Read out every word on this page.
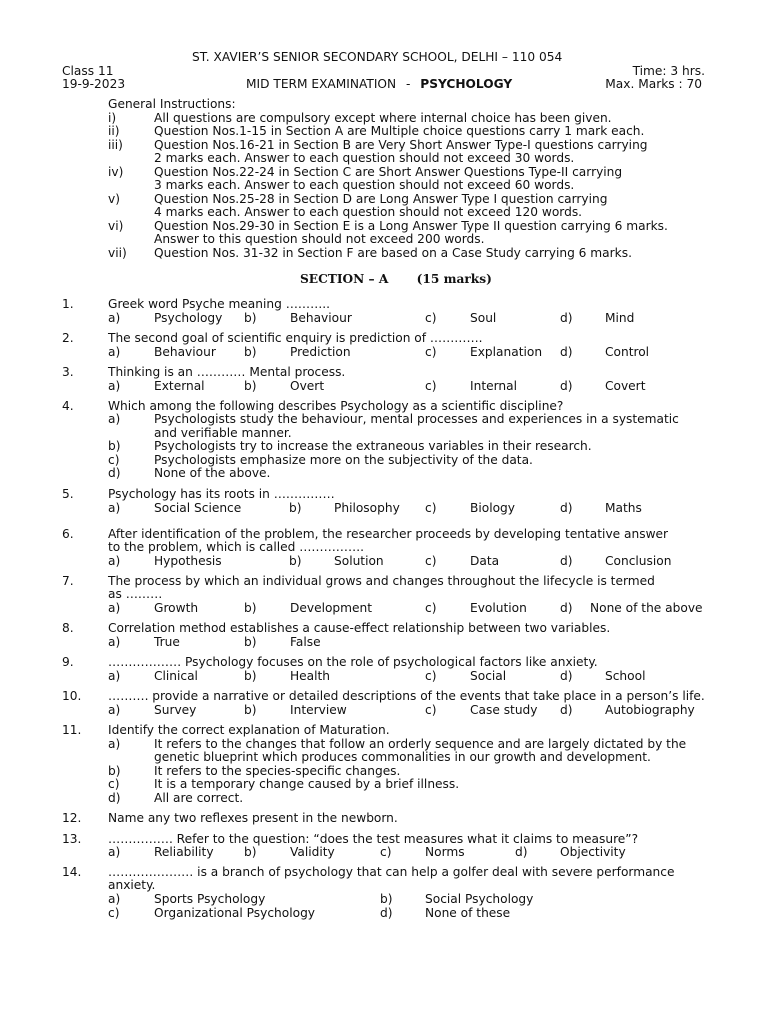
ST. XAVIER’S SENIOR SECONDARY SCHOOL, DELHI – 110 054
Class 11	Time: 3 hrs.
19-9-2023	MID TERM EXAMINATION - PSYCHOLOGY	Max. Marks : 70
General Instructions:
i)	All questions are compulsory except where internal choice has been given.
ii)	Question Nos.1-15 in Section A are Multiple choice questions carry 1 mark each.
iii)	Question Nos.16-21 in Section B are Very Short Answer Type-I questions carrying
2 marks each. Answer to each question should not exceed 30 words.
iv)	Question Nos.22-24 in Section C are Short Answer Questions Type-II carrying
3 marks each. Answer to each question should not exceed 60 words.
v)	Question Nos.25-28 in Section D are Long Answer Type I question carrying
4 marks each. Answer to each question should not exceed 120 words.
vi)	Question Nos.29-30 in Section E is a Long Answer Type II question carrying 6 marks.
Answer to this question should not exceed 200 words.
vii) Question Nos. 31-32 in Section F are based on a Case Study carrying 6 marks.
SECTION – A (15 marks)
1.	Greek word Psyche meaning ………..
a)	Psychology b)	Behaviour	c)	Soul	d)	Mind
2.	The second goal of scientific enquiry is prediction of ………….
a)	Behaviour b)	Prediction	c)	Explanation d)	Control
3.	Thinking is an ………… Mental process.
a)	External	b)	Overt	c)	Internal	d)	Covert
4.	Which among the following describes Psychology as a scientific discipline?
a)	Psychologists study the behaviour, mental processes and experiences in a systematic
and verifiable manner.
b)	Psychologists try to increase the extraneous variables in their research.
c)	Psychologists emphasize more on the subjectivity of the data.
d)	None of the above.
5.	Psychology has its roots in ……………
a)	Social Science	b)	Philosophy c)	Biology	d)	Maths
6.	After identification of the problem, the researcher proceeds by developing tentative answer
to the problem, which is called …………….
a)	Hypothesis	b)	Solution	c)	Data	d)	Conclusion
7.	The process by which an individual grows and changes throughout the lifecycle is termed
as ………
a)	Growth	b)	Development	c)	Evolution	d) None of the above
8.	Correlation method establishes a cause-effect relationship between two variables.
a)	True	b)	False
9.	……………… Psychology focuses on the role of psychological factors like anxiety.
a)	Clinical	b)	Health	c)	Social	d)	School
10. ………. provide a narrative or detailed descriptions of the events that take place in a person’s life.
a)	Survey	b)	Interview	c)	Case study d)	Autobiography
11. Identify the correct explanation of Maturation.
a)	It refers to the changes that follow an orderly sequence and are largely dictated by the
genetic blueprint which produces commonalities in our growth and development.
b)	It refers to the species-specific changes.
c)	It is a temporary change caused by a brief illness.
d)	All are correct.
12. Name any two reflexes present in the newborn.
13. ……………. Refer to the question: “does the test measures what it claims to measure”?
a)	Reliability b)	Validity	c)	Norms	d)	Objectivity
14. ………………… is a branch of psychology that can help a golfer deal with severe performance
anxiety.
a)	Sports Psychology	b)	Social Psychology
c)	Organizational Psychology	d)	None of these
